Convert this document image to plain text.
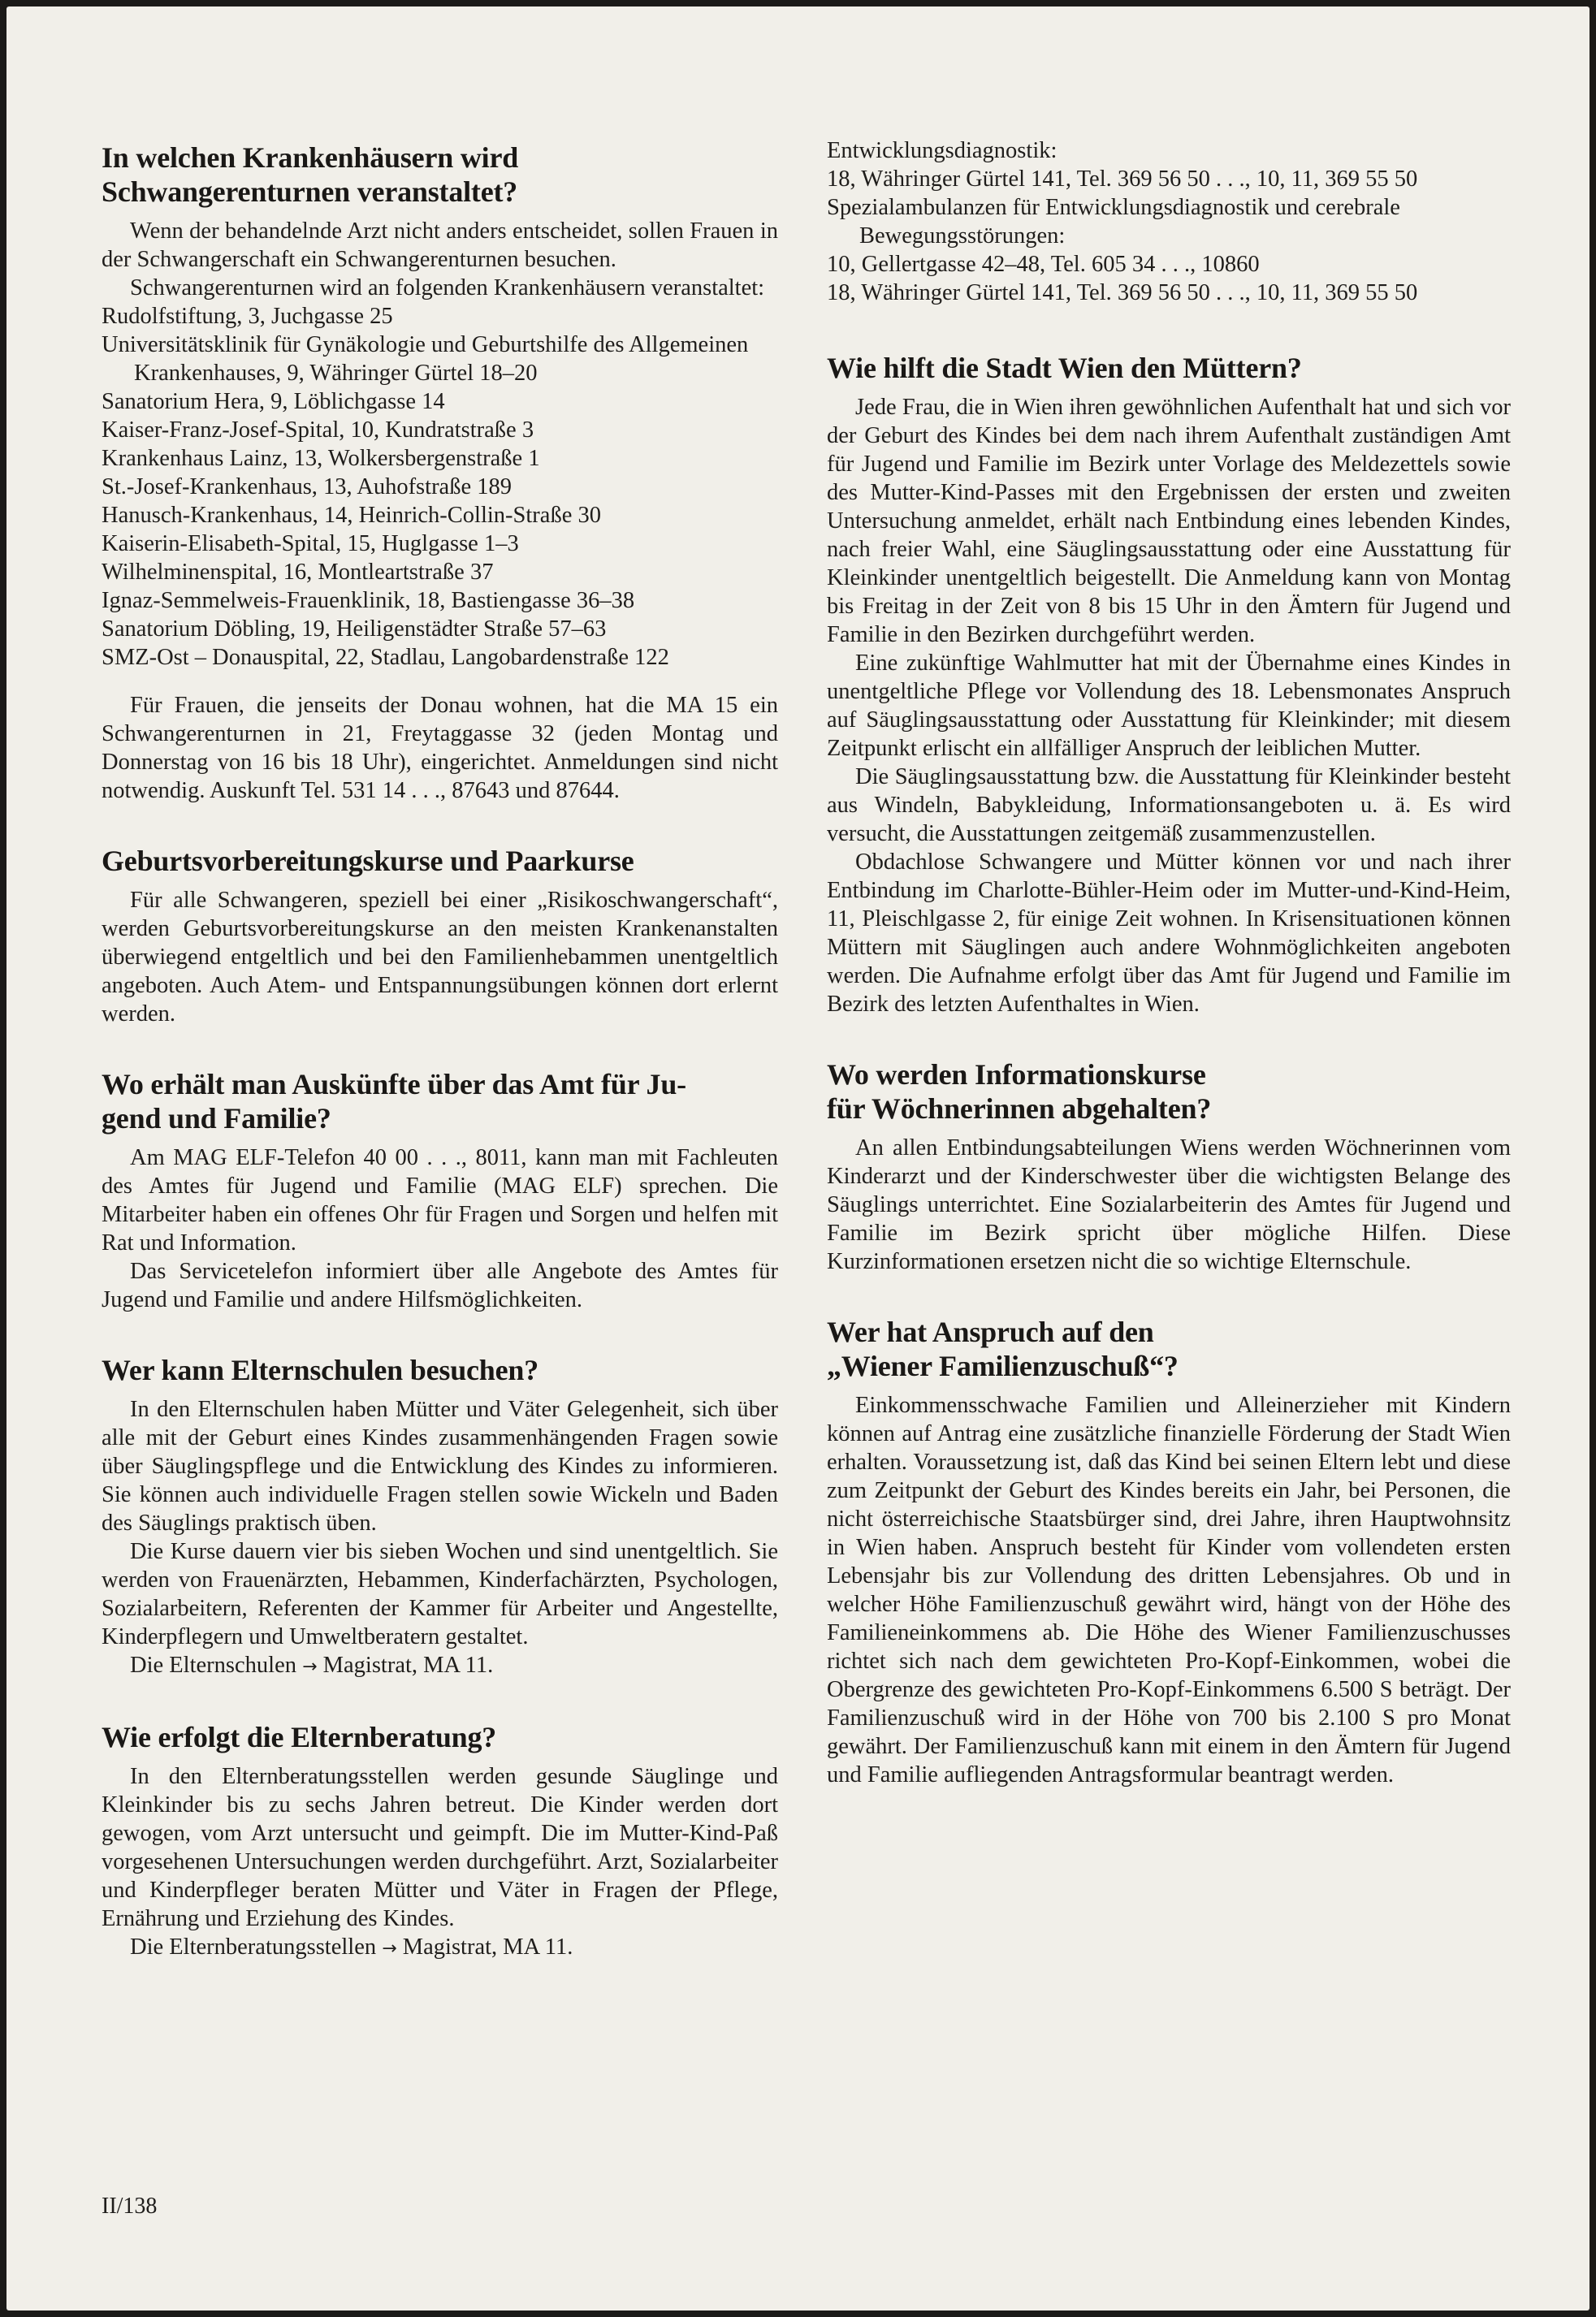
In welchen Krankenhäusern wird
Schwangerenturnen veranstaltet?

Wenn der behandelnde Arzt nicht anders entscheidet, sollen Frauen in der Schwangerschaft ein Schwangerenturnen besuchen.

Schwangerenturnen wird an folgenden Krankenhäusern veranstaltet:

Rudolfstiftung, 3, Juchgasse 25
Universitätsklinik für Gynäkologie und Geburtshilfe des Allgemeinen Krankenhauses, 9, Währinger Gürtel 18–20
Sanatorium Hera, 9, Löblichgasse 14
Kaiser-Franz-Josef-Spital, 10, Kundratstraße 3
Krankenhaus Lainz, 13, Wolkersbergenstraße 1
St.-Josef-Krankenhaus, 13, Auhofstraße 189
Hanusch-Krankenhaus, 14, Heinrich-Collin-Straße 30
Kaiserin-Elisabeth-Spital, 15, Huglgasse 1–3
Wilhelminenspital, 16, Montleartstraße 37
Ignaz-Semmelweis-Frauenklinik, 18, Bastiengasse 36–38
Sanatorium Döbling, 19, Heiligenstädter Straße 57–63
SMZ-Ost – Donauspital, 22, Stadlau, Langobardenstraße 122

Für Frauen, die jenseits der Donau wohnen, hat die MA 15 ein Schwangerenturnen in 21, Freytaggasse 32 (jeden Montag und Donnerstag von 16 bis 18 Uhr), eingerichtet. Anmeldungen sind nicht notwendig. Auskunft Tel. 531 14 . . ., 87643 und 87644.

Geburtsvorbereitungskurse und Paarkurse

Für alle Schwangeren, speziell bei einer „Risikoschwangerschaft“, werden Geburtsvorbereitungskurse an den meisten Krankenanstalten überwiegend entgeltlich und bei den Familienhebammen unentgeltlich angeboten. Auch Atem- und Entspannungsübungen können dort erlernt werden.

Wo erhält man Auskünfte über das Amt für Ju-
gend und Familie?

Am MAG ELF-Telefon 40 00 . . ., 8011, kann man mit Fachleuten des Amtes für Jugend und Familie (MAG ELF) sprechen. Die Mitarbeiter haben ein offenes Ohr für Fragen und Sorgen und helfen mit Rat und Information.

Das Servicetelefon informiert über alle Angebote des Amtes für Jugend und Familie und andere Hilfsmöglichkeiten.

Wer kann Elternschulen besuchen?

In den Elternschulen haben Mütter und Väter Gelegenheit, sich über alle mit der Geburt eines Kindes zusammenhängenden Fragen sowie über Säuglingspflege und die Entwicklung des Kindes zu informieren. Sie können auch individuelle Fragen stellen sowie Wickeln und Baden des Säuglings praktisch üben.

Die Kurse dauern vier bis sieben Wochen und sind unentgeltlich. Sie werden von Frauenärzten, Hebammen, Kinderfachärzten, Psychologen, Sozialarbeitern, Referenten der Kammer für Arbeiter und Angestellte, Kinderpflegern und Umweltberatern gestaltet.

Die Elternschulen → Magistrat, MA 11.

Wie erfolgt die Elternberatung?

In den Elternberatungsstellen werden gesunde Säuglinge und Kleinkinder bis zu sechs Jahren betreut. Die Kinder werden dort gewogen, vom Arzt untersucht und geimpft. Die im Mutter-Kind-Paß vorgesehenen Untersuchungen werden durchgeführt. Arzt, Sozialarbeiter und Kinderpfleger beraten Mütter und Väter in Fragen der Pflege, Ernährung und Erziehung des Kindes.

Die Elternberatungsstellen → Magistrat, MA 11.

Entwicklungsdiagnostik:
18, Währinger Gürtel 141, Tel. 369 56 50 . . ., 10, 11, 369 55 50
Spezialambulanzen für Entwicklungsdiagnostik und cerebrale Bewegungsstörungen:
10, Gellertgasse 42–48, Tel. 605 34 . . ., 10860
18, Währinger Gürtel 141, Tel. 369 56 50 . . ., 10, 11, 369 55 50
Wie hilft die Stadt Wien den Müttern?

Jede Frau, die in Wien ihren gewöhnlichen Aufenthalt hat und sich vor der Geburt des Kindes bei dem nach ihrem Aufenthalt zuständigen Amt für Jugend und Familie im Bezirk unter Vorlage des Meldezettels sowie des Mutter-Kind-Passes mit den Ergebnissen der ersten und zweiten Untersuchung anmeldet, erhält nach Entbindung eines lebenden Kindes, nach freier Wahl, eine Säuglingsausstattung oder eine Ausstattung für Kleinkinder unentgeltlich beigestellt. Die Anmeldung kann von Montag bis Freitag in der Zeit von 8 bis 15 Uhr in den Ämtern für Jugend und Familie in den Bezirken durchgeführt werden.

Eine zukünftige Wahlmutter hat mit der Übernahme eines Kindes in unentgeltliche Pflege vor Vollendung des 18. Lebensmonates Anspruch auf Säuglingsausstattung oder Ausstattung für Kleinkinder; mit diesem Zeitpunkt erlischt ein allfälliger Anspruch der leiblichen Mutter.

Die Säuglingsausstattung bzw. die Ausstattung für Kleinkinder besteht aus Windeln, Babykleidung, Informationsangeboten u. ä. Es wird versucht, die Ausstattungen zeitgemäß zusammenzustellen.

Obdachlose Schwangere und Mütter können vor und nach ihrer Entbindung im Charlotte-Bühler-Heim oder im Mutter-und-Kind-Heim, 11, Pleischlgasse 2, für einige Zeit wohnen. In Krisensituationen können Müttern mit Säuglingen auch andere Wohnmöglichkeiten angeboten werden. Die Aufnahme erfolgt über das Amt für Jugend und Familie im Bezirk des letzten Aufenthaltes in Wien.

Wo werden Informationskurse
für Wöchnerinnen abgehalten?

An allen Entbindungsabteilungen Wiens werden Wöchnerinnen vom Kinderarzt und der Kinderschwester über die wichtigsten Belange des Säuglings unterrichtet. Eine Sozialarbeiterin des Amtes für Jugend und Familie im Bezirk spricht über mögliche Hilfen. Diese Kurzinformationen ersetzen nicht die so wichtige Elternschule.

Wer hat Anspruch auf den
„Wiener Familienzuschuß“?

Einkommensschwache Familien und Alleinerzieher mit Kindern können auf Antrag eine zusätzliche finanzielle Förderung der Stadt Wien erhalten. Voraussetzung ist, daß das Kind bei seinen Eltern lebt und diese zum Zeitpunkt der Geburt des Kindes bereits ein Jahr, bei Personen, die nicht österreichische Staatsbürger sind, drei Jahre, ihren Hauptwohnsitz in Wien haben. Anspruch besteht für Kinder vom vollendeten ersten Lebensjahr bis zur Vollendung des dritten Lebensjahres. Ob und in welcher Höhe Familienzuschuß gewährt wird, hängt von der Höhe des Familieneinkommens ab. Die Höhe des Wiener Familienzuschusses richtet sich nach dem gewichteten Pro-Kopf-Einkommen, wobei die Obergrenze des gewichteten Pro-Kopf-Einkommens 6.500 S beträgt. Der Familienzuschuß wird in der Höhe von 700 bis 2.100 S pro Monat gewährt. Der Familienzuschuß kann mit einem in den Ämtern für Jugend und Familie aufliegenden Antragsformular beantragt werden.

II/138
